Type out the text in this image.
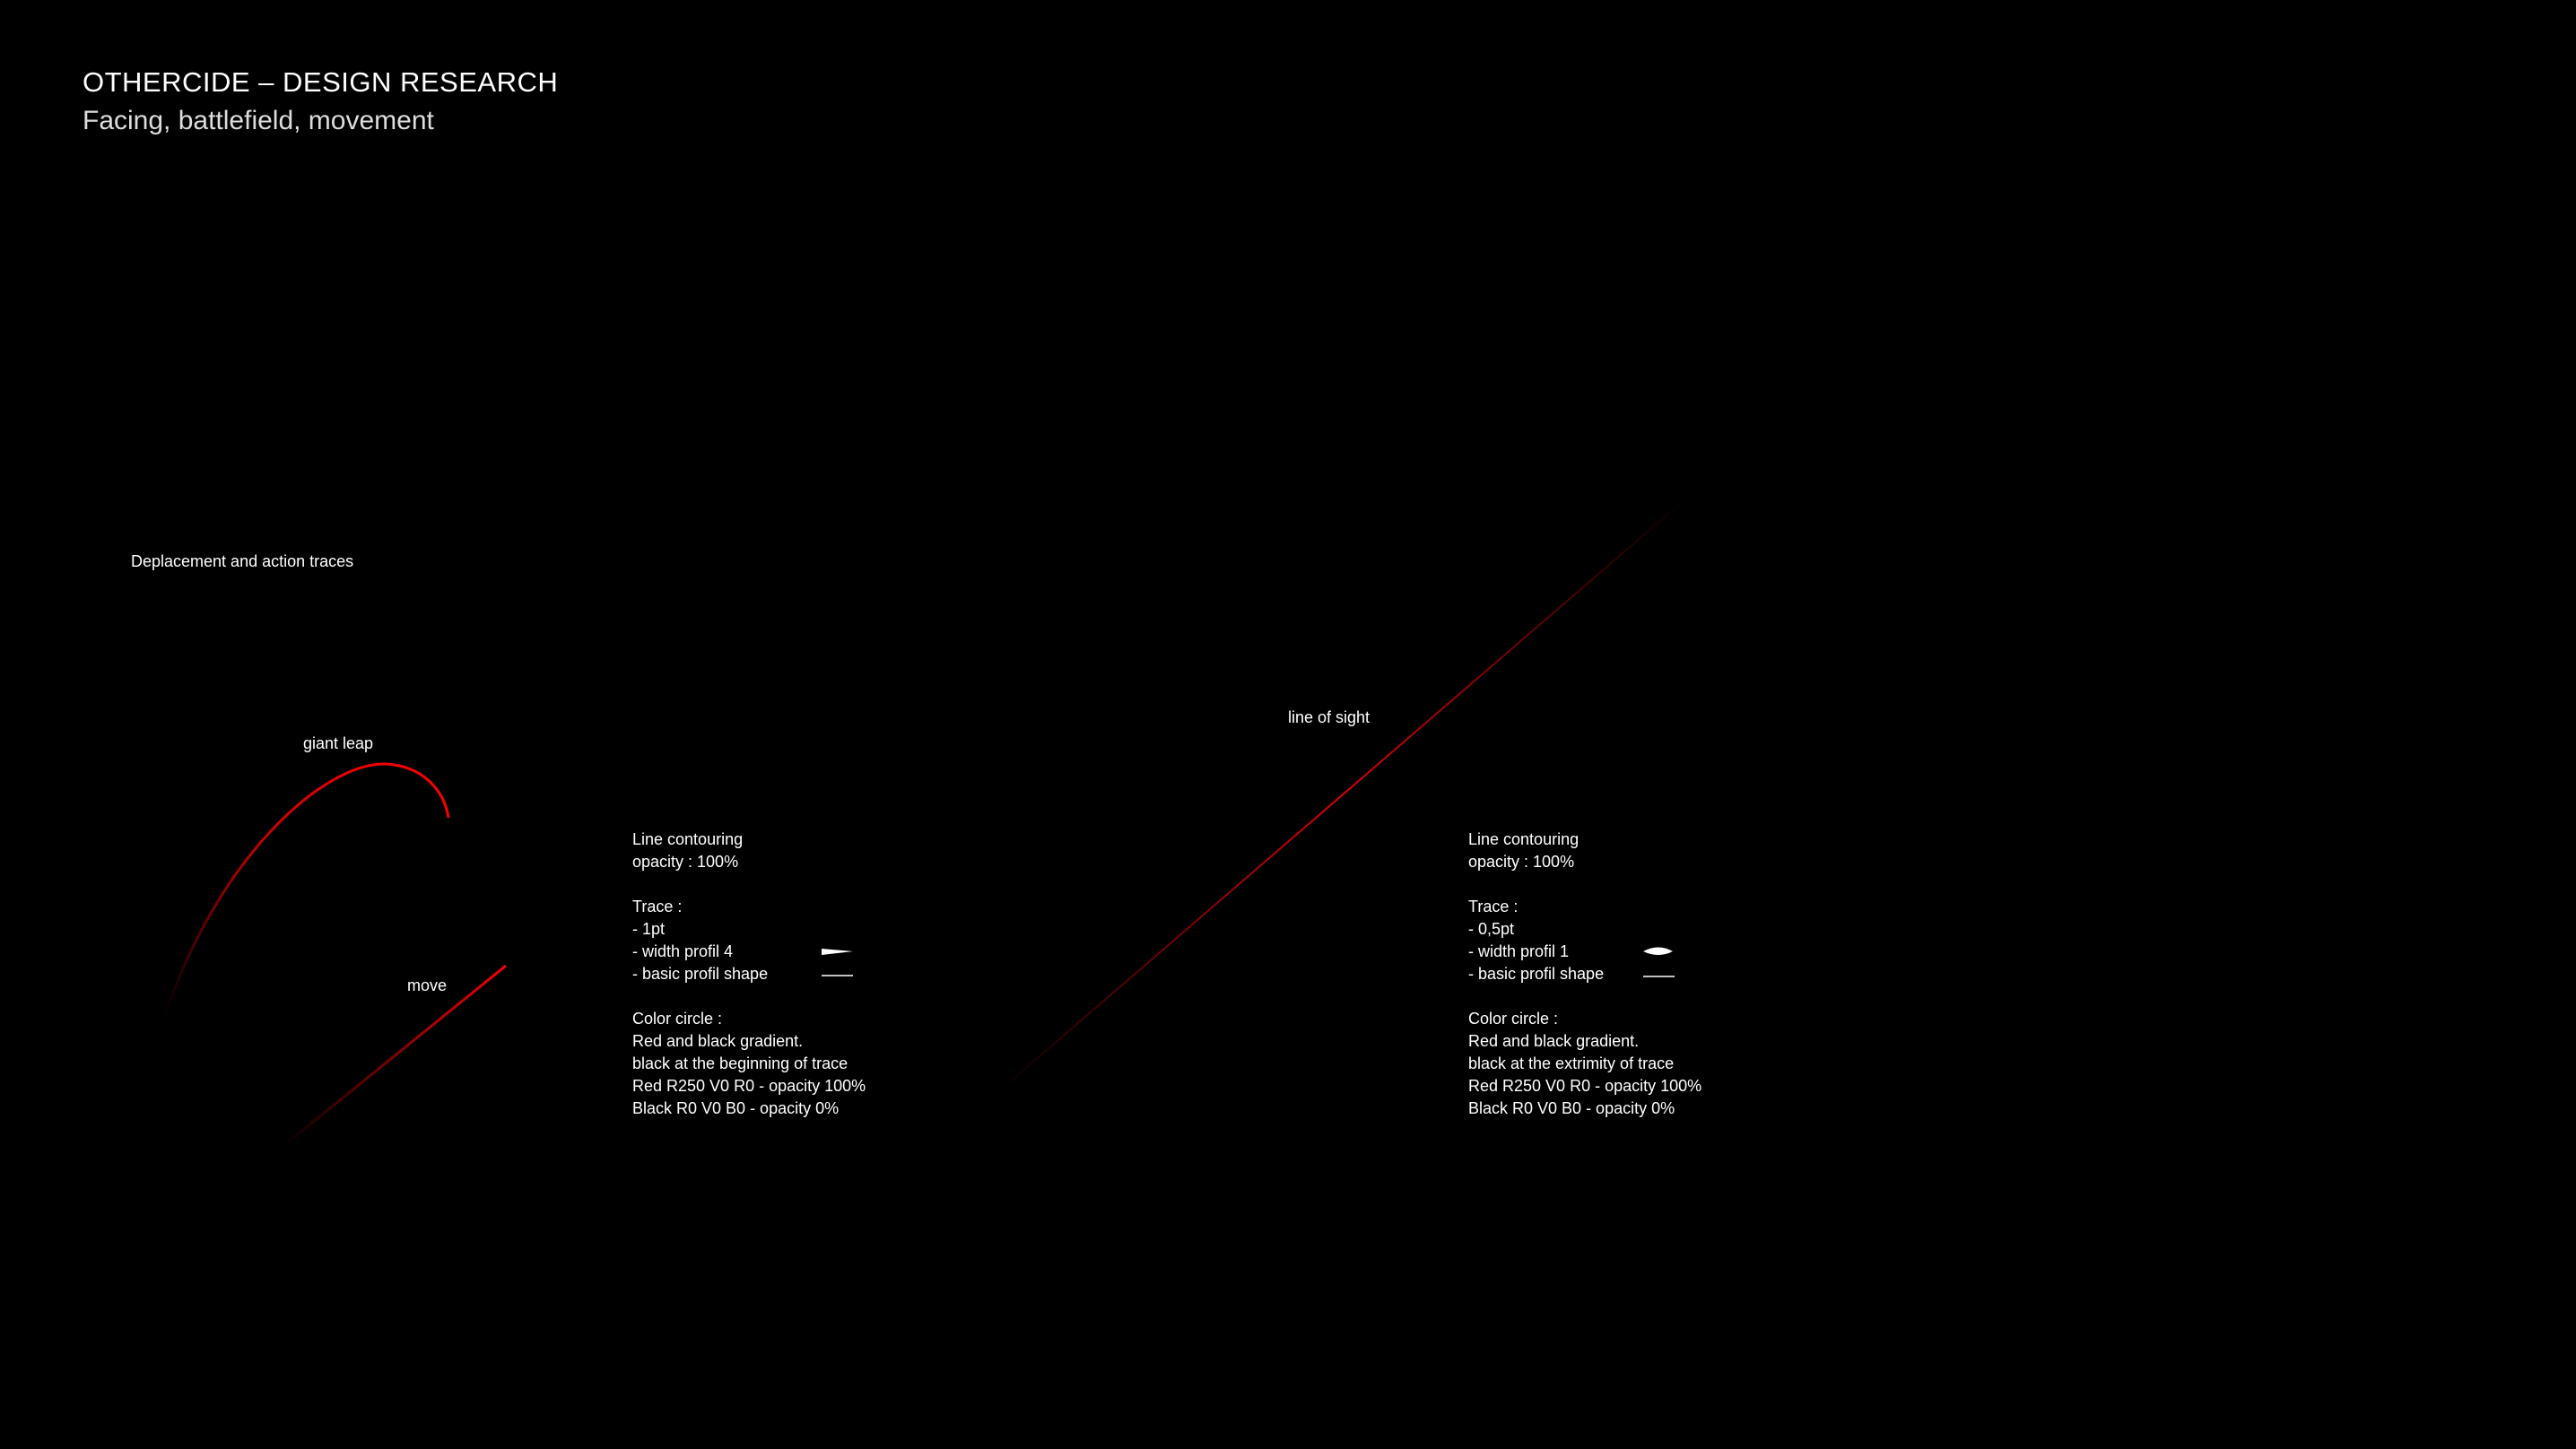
OTHERCIDE – DESIGN RESEARCH
Facing, battlefield, movement
Deplacement and action traces
giant leap
move
line of sight
Line contouring
opacity : 100%
Trace :
- 1pt
- width profil 4
- basic profil shape
Color circle :
Red and black gradient.
black at the beginning of trace
Red R250 V0 R0 - opacity 100%
Black R0 V0 B0 - opacity 0%
Line contouring
opacity : 100%
Trace :
- 0,5pt
- width profil 1
- basic profil shape
Color circle :
Red and black gradient.
black at the extrimity of trace
Red R250 V0 R0 - opacity 100%
Black R0 V0 B0 - opacity 0%
